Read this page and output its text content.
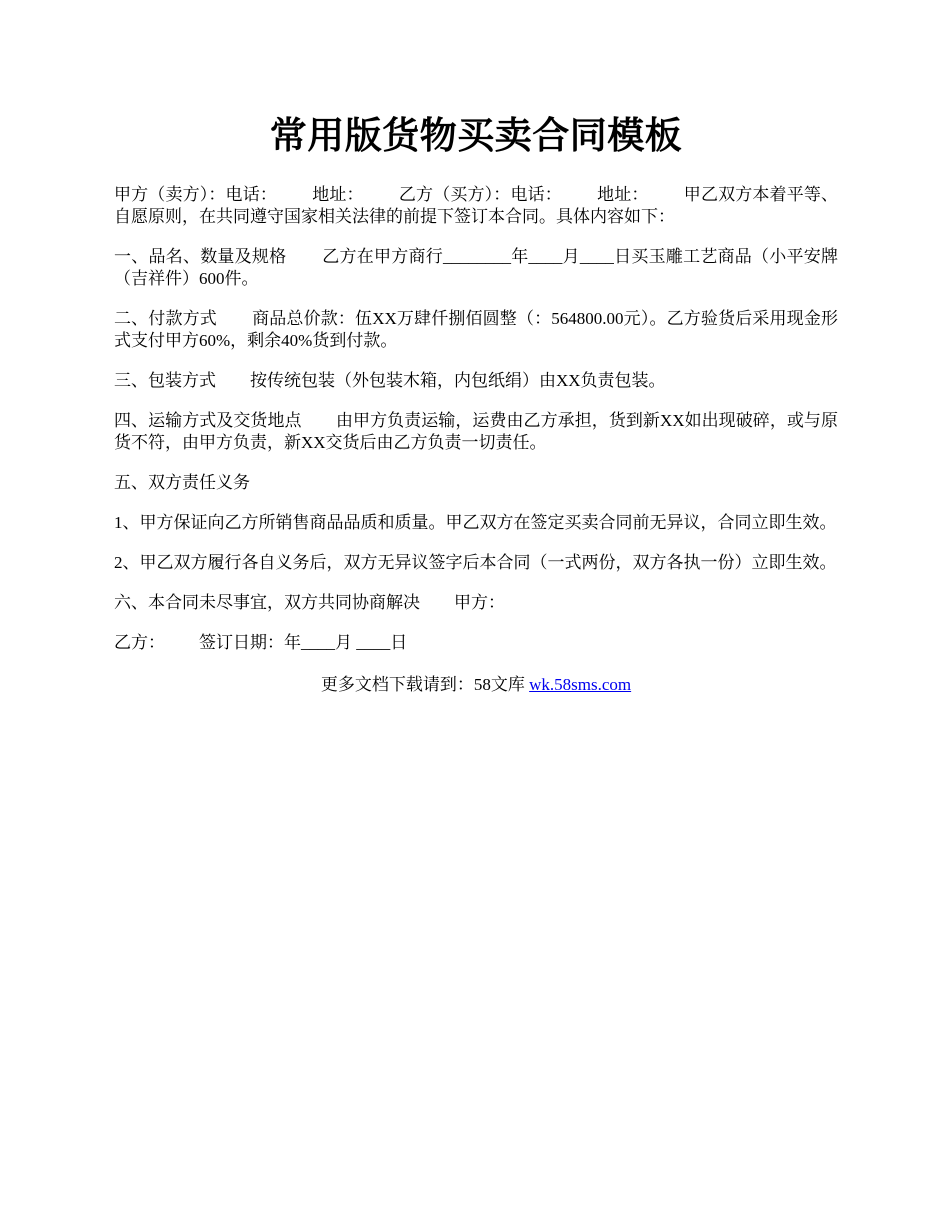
常用版货物买卖合同模板

甲方（卖方）：电话：        地址：        乙方（买方）：电话：        地址：        甲乙双方本着平等、自愿原则，在共同遵守国家相关法律的前提下签订本合同。具体内容如下：

一、品名、数量及规格        乙方在甲方商行________年____月____日买玉雕工艺商品（小平安牌（吉祥件）600件。

二、付款方式        商品总价款：伍XX万肆仟捌佰圆整（：564800.00元）。乙方验货后采用现金形式支付甲方60%，剩余40%货到付款。

三、包装方式        按传统包装（外包装木箱，内包纸绢）由XX负责包装。

四、运输方式及交货地点        由甲方负责运输，运费由乙方承担，货到新XX如出现破碎，或与原货不符，由甲方负责，新XX交货后由乙方负责一切责任。

五、双方责任义务

1、甲方保证向乙方所销售商品品质和质量。甲乙双方在签定买卖合同前无异议，合同立即生效。

2、甲乙双方履行各自义务后，双方无异议签字后本合同（一式两份，双方各执一份）立即生效。

六、本合同未尽事宜，双方共同协商解决        甲方：

乙方：        签订日期：年____月 ____日

更多文档下载请到：58文库 wk.58sms.com
